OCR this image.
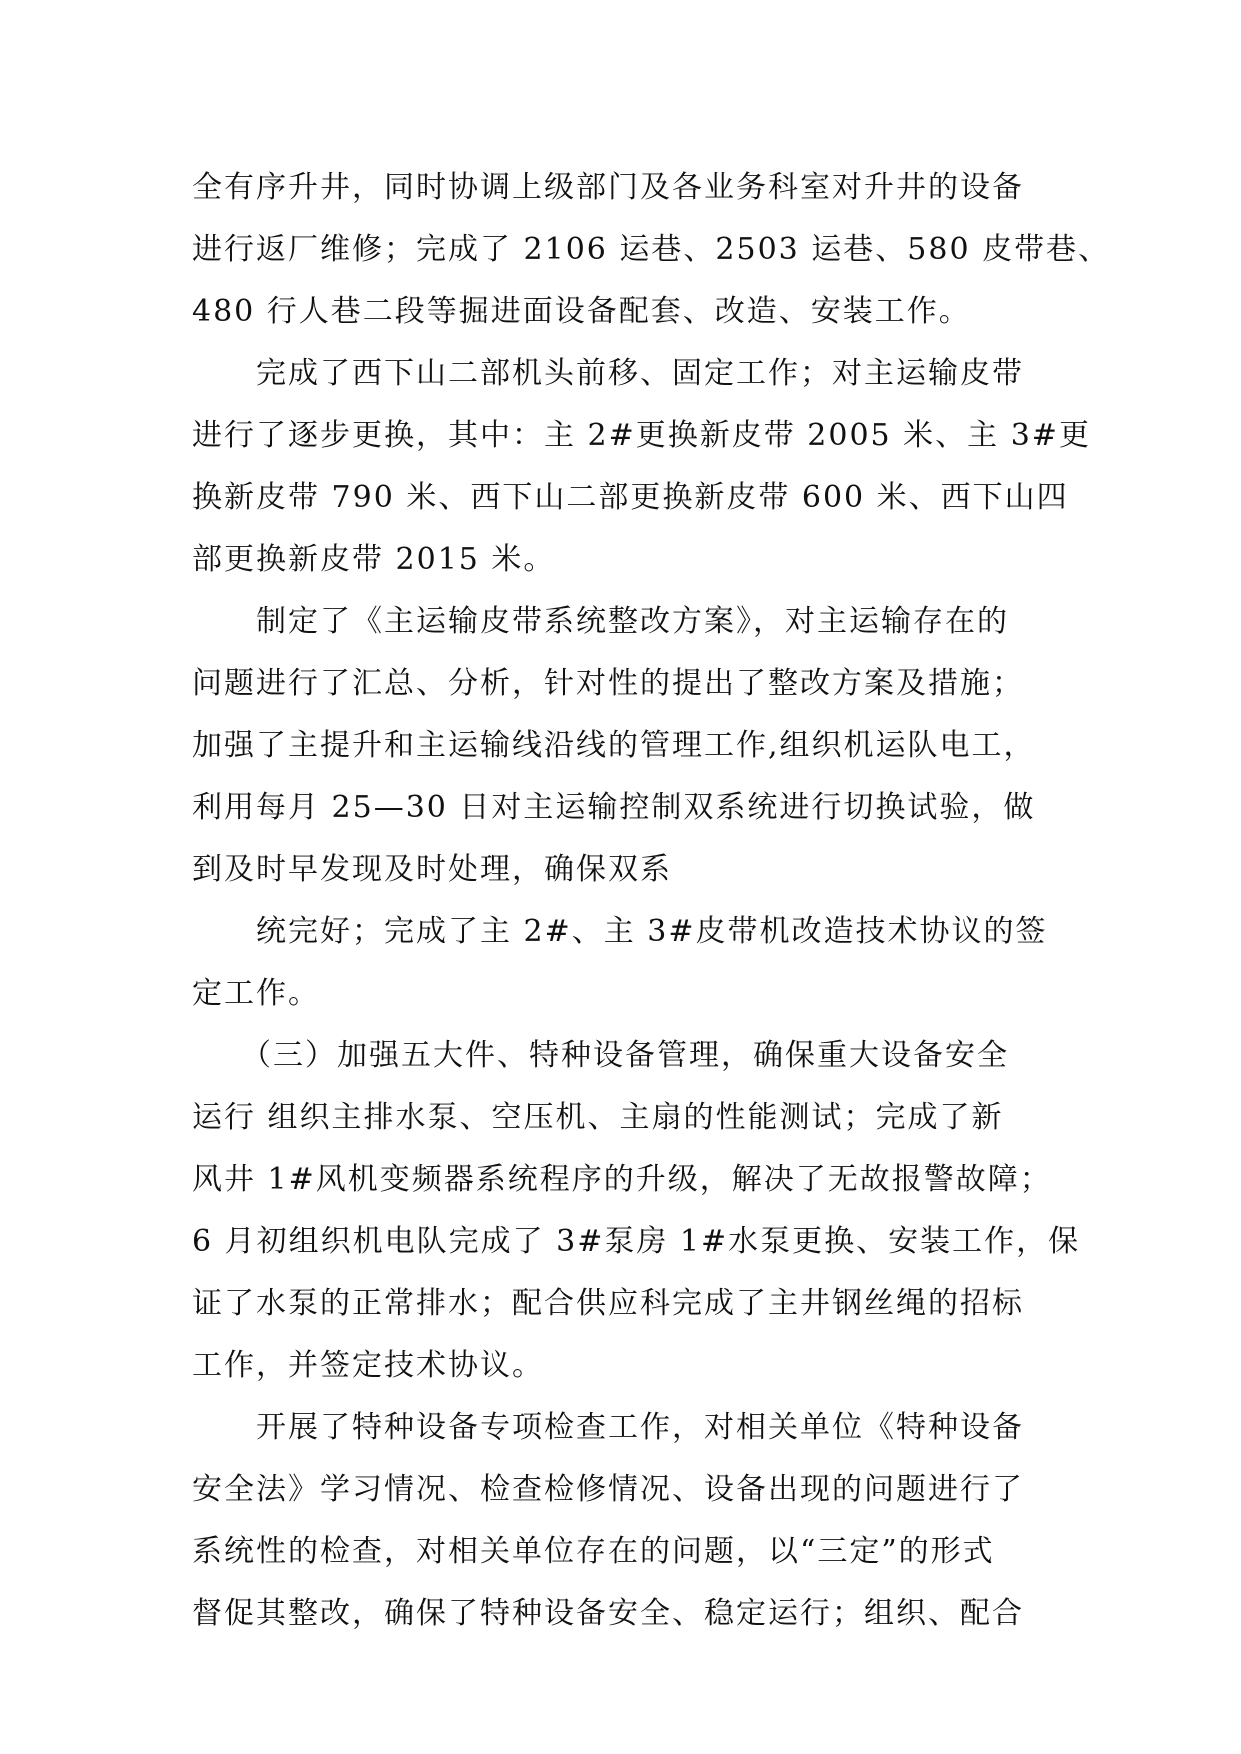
全有序升井，同时协调上级部门及各业务科室对升井的设备
进行返厂维修；完成了 2106 运巷、2503 运巷、580 皮带巷、
480 行人巷二段等掘进面设备配套、改造、安装工作。
　　完成了西下山二部机头前移、固定工作；对主运输皮带
进行了逐步更换，其中：主 2#更换新皮带 2005 米、主 3#更
换新皮带 790 米、西下山二部更换新皮带 600 米、西下山四
部更换新皮带 2015 米。
　　制定了《主运输皮带系统整改方案》，对主运输存在的
问题进行了汇总、分析，针对性的提出了整改方案及措施；
加强了主提升和主运输线沿线的管理工作,组织机运队电工，
利用每月 25—30 日对主运输控制双系统进行切换试验，做
到及时早发现及时处理，确保双系
　　统完好；完成了主 2#、主 3#皮带机改造技术协议的签
定工作。
　　（三）加强五大件、特种设备管理，确保重大设备安全
运行 组织主排水泵、空压机、主扇的性能测试；完成了新
风井 1#风机变频器系统程序的升级，解决了无故报警故障；
6 月初组织机电队完成了 3#泵房 1#水泵更换、安装工作，保
证了水泵的正常排水；配合供应科完成了主井钢丝绳的招标
工作，并签定技术协议。
　　开展了特种设备专项检查工作，对相关单位《特种设备
安全法》学习情况、检查检修情况、设备出现的问题进行了
系统性的检查，对相关单位存在的问题，以“三定”的形式
督促其整改，确保了特种设备安全、稳定运行；组织、配合
